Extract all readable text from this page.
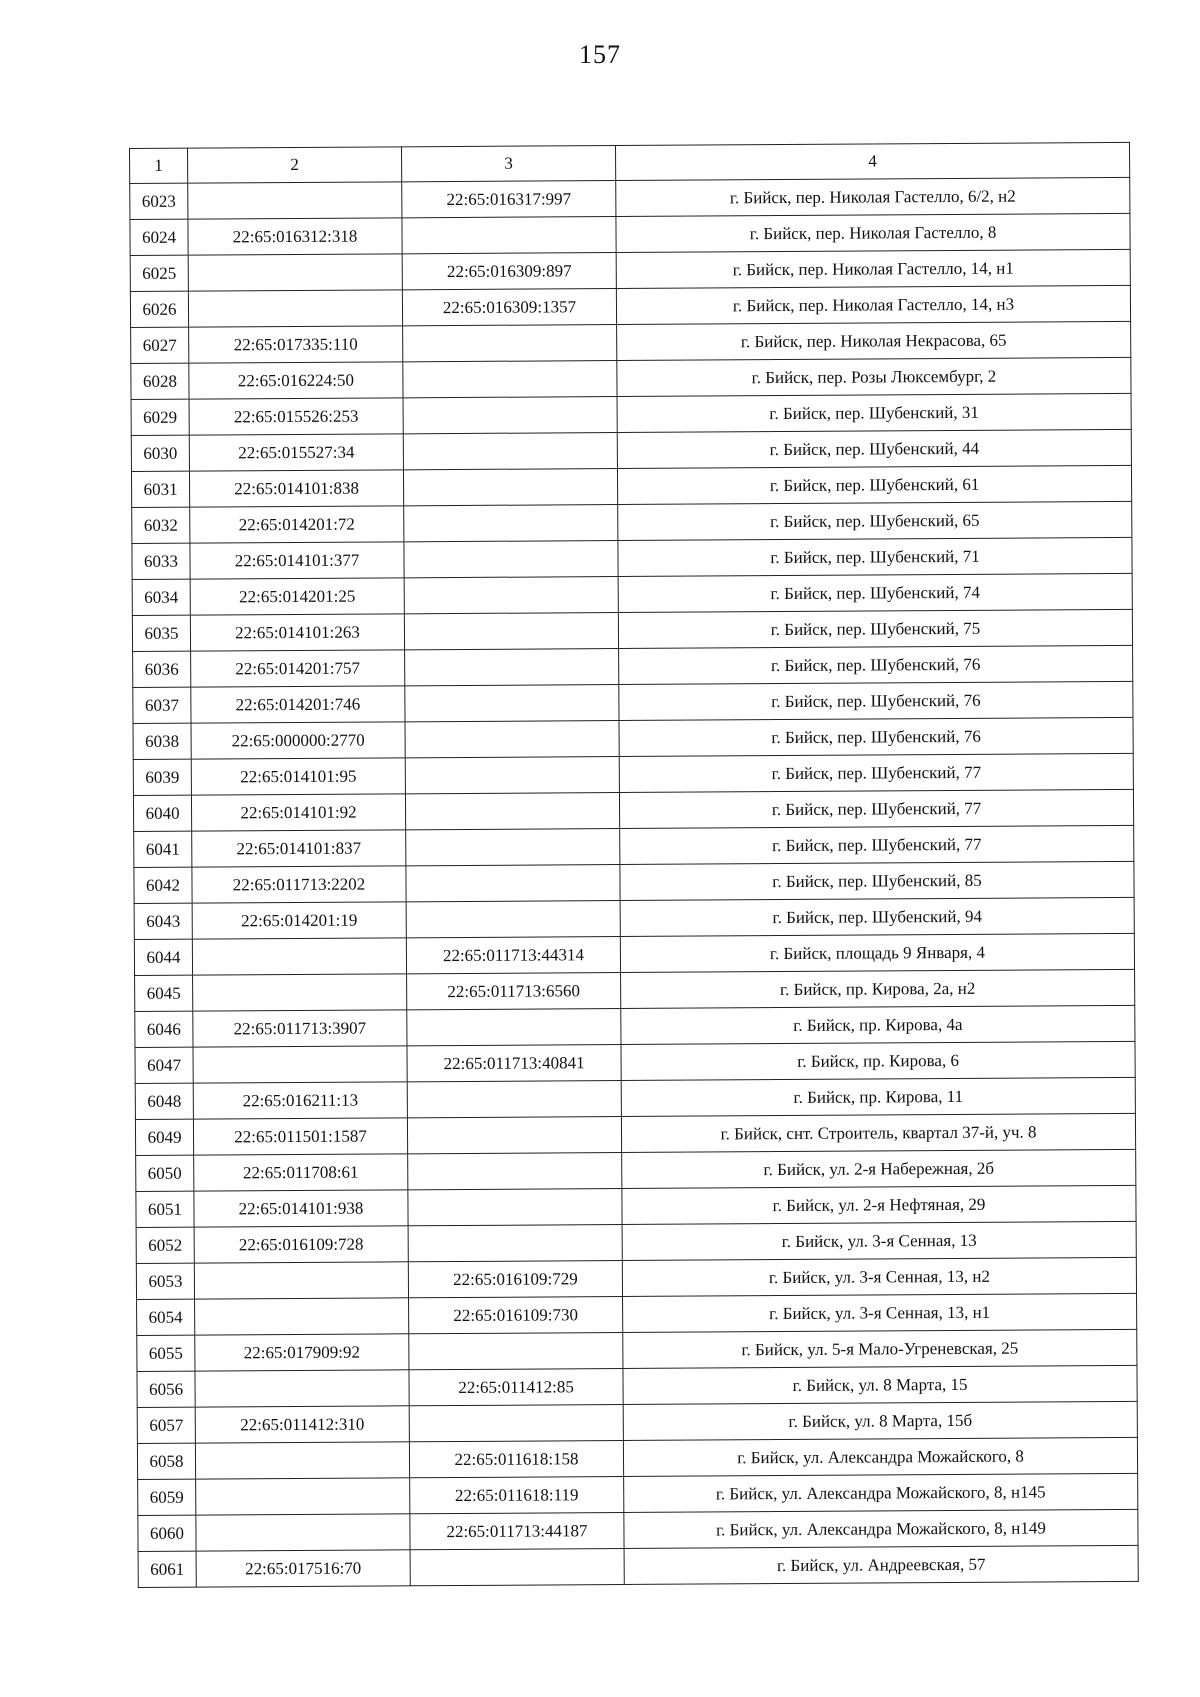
157
1	2	3	4
6023		22:65:016317:997	г. Бийск, пер. Николая Гастелло, 6/2, н2
6024	22:65:016312:318		г. Бийск, пер. Николая Гастелло, 8
6025		22:65:016309:897	г. Бийск, пер. Николая Гастелло, 14, н1
6026		22:65:016309:1357	г. Бийск, пер. Николая Гастелло, 14, н3
6027	22:65:017335:110		г. Бийск, пер. Николая Некрасова, 65
6028	22:65:016224:50		г. Бийск, пер. Розы Люксембург, 2
6029	22:65:015526:253		г. Бийск, пер. Шубенский, 31
6030	22:65:015527:34		г. Бийск, пер. Шубенский, 44
6031	22:65:014101:838		г. Бийск, пер. Шубенский, 61
6032	22:65:014201:72		г. Бийск, пер. Шубенский, 65
6033	22:65:014101:377		г. Бийск, пер. Шубенский, 71
6034	22:65:014201:25		г. Бийск, пер. Шубенский, 74
6035	22:65:014101:263		г. Бийск, пер. Шубенский, 75
6036	22:65:014201:757		г. Бийск, пер. Шубенский, 76
6037	22:65:014201:746		г. Бийск, пер. Шубенский, 76
6038	22:65:000000:2770		г. Бийск, пер. Шубенский, 76
6039	22:65:014101:95		г. Бийск, пер. Шубенский, 77
6040	22:65:014101:92		г. Бийск, пер. Шубенский, 77
6041	22:65:014101:837		г. Бийск, пер. Шубенский, 77
6042	22:65:011713:2202		г. Бийск, пер. Шубенский, 85
6043	22:65:014201:19		г. Бийск, пер. Шубенский, 94
6044		22:65:011713:44314	г. Бийск, площадь 9 Января, 4
6045		22:65:011713:6560	г. Бийск, пр. Кирова, 2а, н2
6046	22:65:011713:3907		г. Бийск, пр. Кирова, 4а
6047		22:65:011713:40841	г. Бийск, пр. Кирова, 6
6048	22:65:016211:13		г. Бийск, пр. Кирова, 11
6049	22:65:011501:1587		г. Бийск, снт. Строитель, квартал 37-й, уч. 8
6050	22:65:011708:61		г. Бийск, ул. 2-я Набережная, 2б
6051	22:65:014101:938		г. Бийск, ул. 2-я Нефтяная, 29
6052	22:65:016109:728		г. Бийск, ул. 3-я Сенная, 13
6053		22:65:016109:729	г. Бийск, ул. 3-я Сенная, 13, н2
6054		22:65:016109:730	г. Бийск, ул. 3-я Сенная, 13, н1
6055	22:65:017909:92		г. Бийск, ул. 5-я Мало-Угреневская, 25
6056		22:65:011412:85	г. Бийск, ул. 8 Марта, 15
6057	22:65:011412:310		г. Бийск, ул. 8 Марта, 15б
6058		22:65:011618:158	г. Бийск, ул. Александра Можайского, 8
6059		22:65:011618:119	г. Бийск, ул. Александра Можайского, 8, н145
6060		22:65:011713:44187	г. Бийск, ул. Александра Можайского, 8, н149
6061	22:65:017516:70		г. Бийск, ул. Андреевская, 57
